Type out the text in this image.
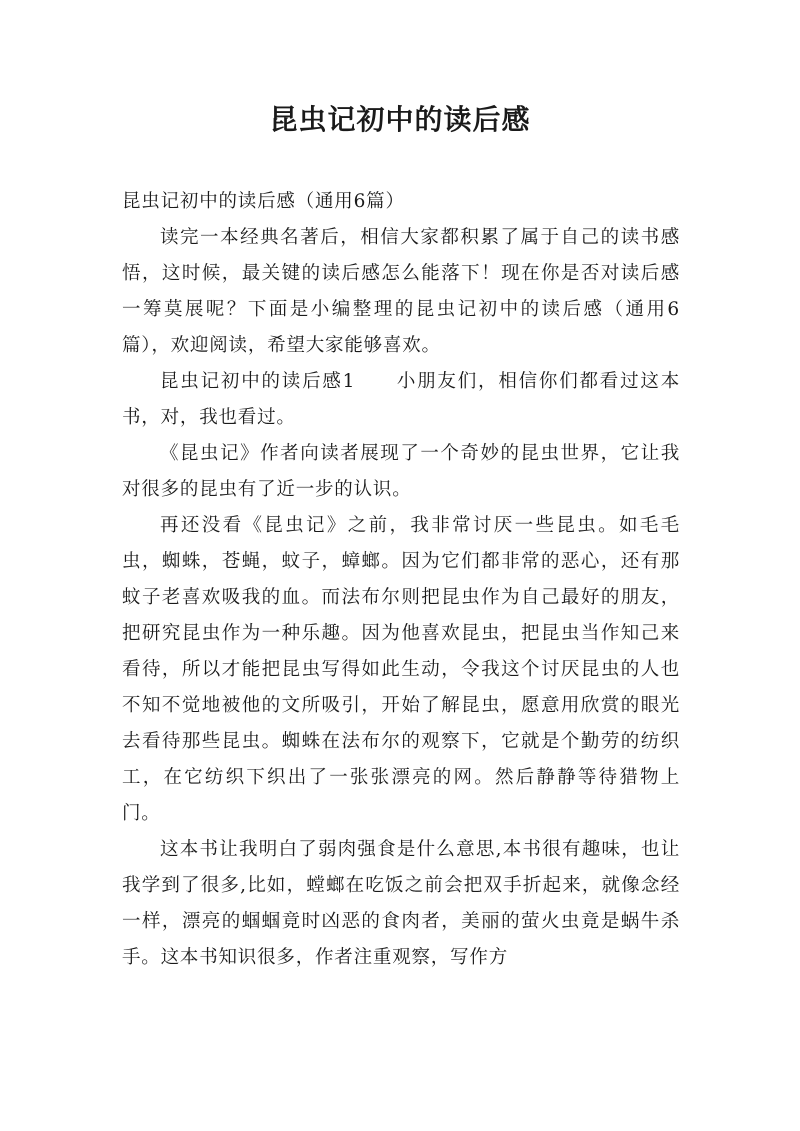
昆虫记初中的读后感

昆虫记初中的读后感（通用6篇）

读完一本经典名著后，相信大家都积累了属于自己的读书感悟，这时候，最关键的读后感怎么能落下！现在你是否对读后感一筹莫展呢？下面是小编整理的昆虫记初中的读后感（通用6篇），欢迎阅读，希望大家能够喜欢。

昆虫记初中的读后感1　　小朋友们，相信你们都看过这本书，对，我也看过。

《昆虫记》作者向读者展现了一个奇妙的昆虫世界，它让我对很多的昆虫有了近一步的认识。

再还没看《昆虫记》之前，我非常讨厌一些昆虫。如毛毛虫，蜘蛛，苍蝇，蚊子，蟑螂。因为它们都非常的恶心，还有那蚊子老喜欢吸我的血。而法布尔则把昆虫作为自己最好的朋友，把研究昆虫作为一种乐趣。因为他喜欢昆虫，把昆虫当作知己来看待，所以才能把昆虫写得如此生动，令我这个讨厌昆虫的人也不知不觉地被他的文所吸引，开始了解昆虫，愿意用欣赏的眼光去看待那些昆虫。蜘蛛在法布尔的观察下，它就是个勤劳的纺织工，在它纺织下织出了一张张漂亮的网。然后静静等待猎物上门。

这本书让我明白了弱肉强食是什么意思,本书很有趣味，也让我学到了很多,比如，螳螂在吃饭之前会把双手折起来，就像念经一样，漂亮的蝈蝈竟时凶恶的食肉者，美丽的萤火虫竟是蜗牛杀手。这本书知识很多，作者注重观察，写作方
